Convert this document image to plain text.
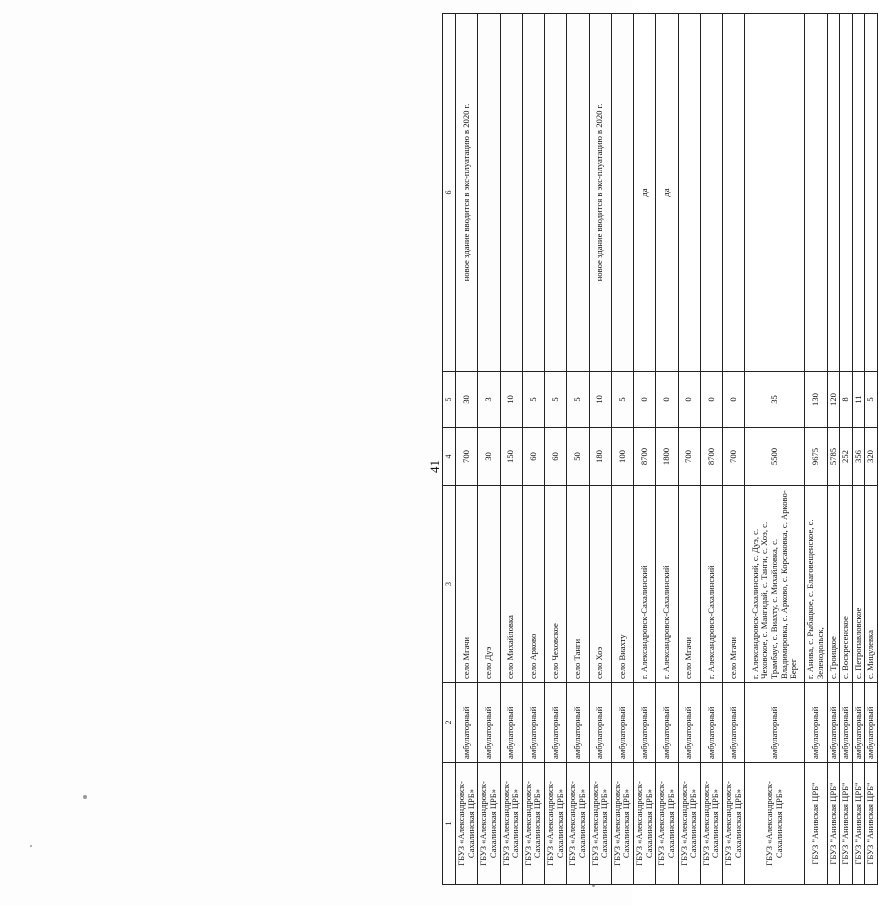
41
1	2	3	4	5	6
ГБУЗ «Александровск-Сахалинская ЦРБ»	амбулаторный	село Мгачи	700	30	новое здание вводится в экс-плуатацию в 2020 г.
ГБУЗ «Александровск-Сахалинская ЦРБ»	амбулаторный	село Дуэ	30	3	
ГБУЗ «Александровск-Сахалинская ЦРБ»	амбулаторный	село Михайловка	150	10	
ГБУЗ «Александровск-Сахалинская ЦРБ»	амбулаторный	село Арково	60	5	
ГБУЗ «Александровск-Сахалинская ЦРБ»	амбулаторный	село Чеховское	60	5	
ГБУЗ «Александровск-Сахалинская ЦРБ»	амбулаторный	село Танги	50	5	
ГБУЗ «Александровск-Сахалинская ЦРБ»	амбулаторный	село Хоэ	180	10	новое здание вводится в экс-плуатацию в 2020 г.
ГБУЗ «Александровск-Сахалинская ЦРБ»	амбулаторный	село Виахту	100	5	
ГБУЗ «Александровск-Сахалинская ЦРБ»	амбулаторный	г. Александровск-Сахалинский	8700	0	да
ГБУЗ «Александровск-Сахалинская ЦРБ»	амбулаторный	г. Александровск-Сахалинский	1800	0	да
ГБУЗ «Александровск-Сахалинская ЦРБ»	амбулаторный	село Мгачи	700	0	
ГБУЗ «Александровск-Сахалинская ЦРБ»	амбулаторный	г. Александровск-Сахалинский	8700	0	
ГБУЗ «Александровск-Сахалинская ЦРБ»	амбулаторный	село Мгачи	700	0	
ГБУЗ «Александровск-Сахалинская ЦРБ»	амбулаторный	г. Александровск-Сахалинский, с. Дуэ, с. Чеховское, с. Мангидай, с. Танги, с. Хоэ, с. Трамбаус, с. Виахту, с. Михайловка, с. Владимировка, с. Арково, с. Корсаковка, с. Арково-Берег	5500	35	
ГБУЗ "Анивская ЦРБ"	амбулаторный	г. Анива, с. Рыбацкое, с. Благовещенское, с. Зеленодольск,	9675	130	
ГБУЗ "Анивская ЦРБ"	амбулаторный	с. Троицкое	5785	120	
ГБУЗ "Анивская ЦРБ"	амбулаторный	с. Воскресенское	252	8	
ГБУЗ "Анивская ЦРБ"	амбулаторный	с. Петропавловское	356	11	
ГБУЗ "Анивская ЦРБ"	амбулаторный	с. Мицулевка	320	5	
